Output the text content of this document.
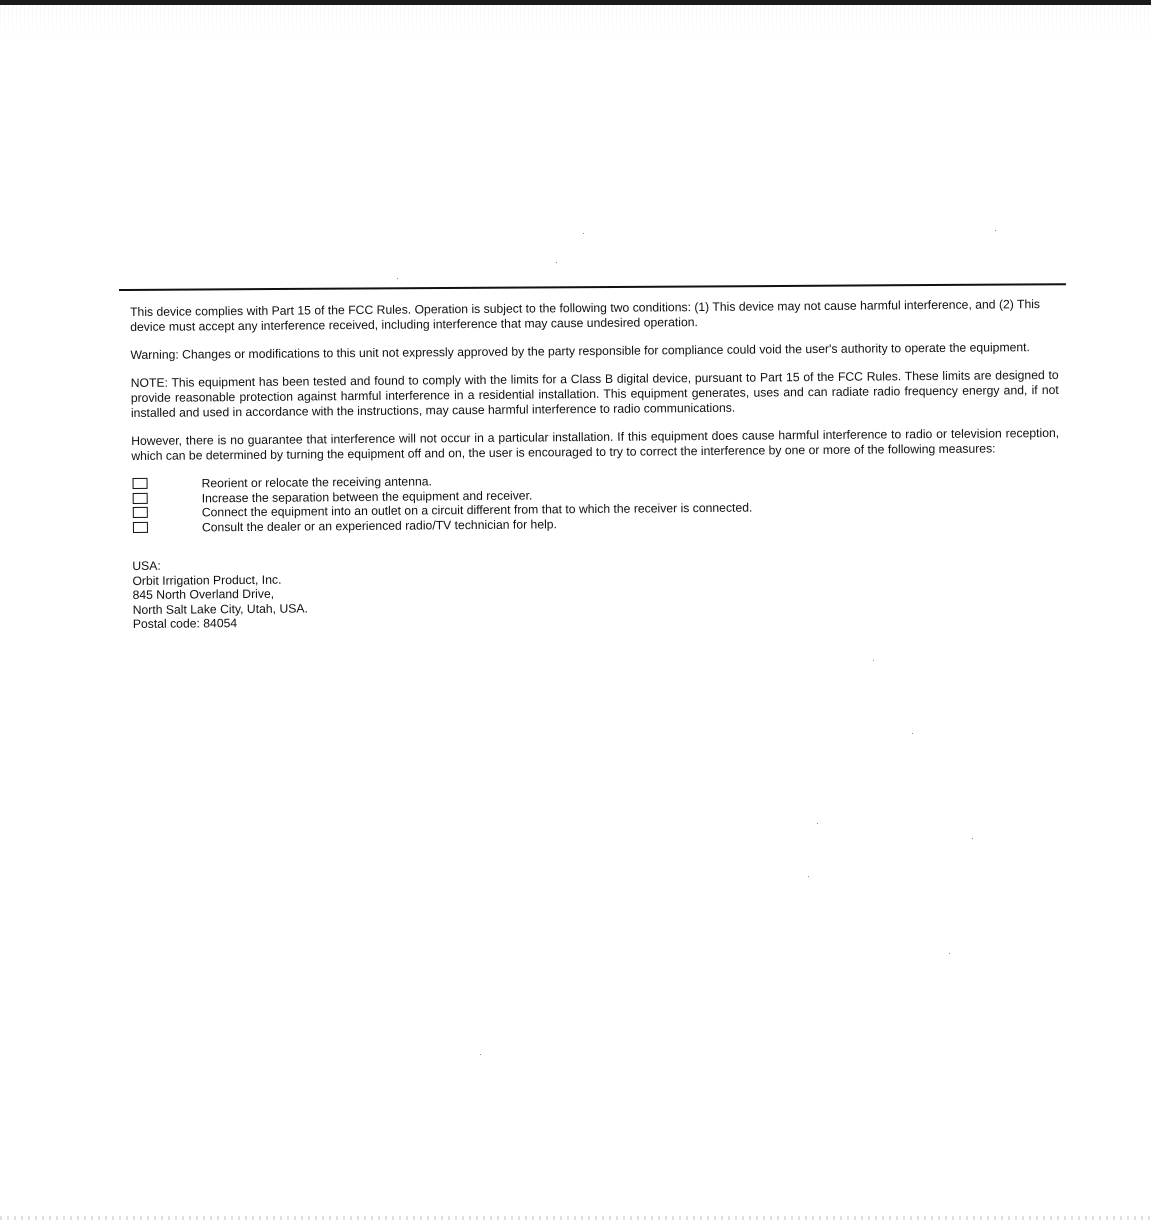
This device complies with Part 15 of the FCC Rules. Operation is subject to the following two conditions: (1) This device may not cause harmful interference, and (2) This device must accept any interference received, including interference that may cause undesired operation.

Warning: Changes or modifications to this unit not expressly approved by the party responsible for compliance could void the user's authority to operate the equipment.

NOTE: This equipment has been tested and found to comply with the limits for a Class B digital device, pursuant to Part 15 of the FCC Rules. These limits are designed to provide reasonable protection against harmful interference in a residential installation. This equipment generates, uses and can radiate radio frequency energy and, if not installed and used in accordance with the instructions, may cause harmful interference to radio communications.

However, there is no guarantee that interference will not occur in a particular installation. If this equipment does cause harmful interference to radio or television reception, which can be determined by turning the equipment off and on, the user is encouraged to try to correct the interference by one or more of the following measures:

Reorient or relocate the receiving antenna.
Increase the separation between the equipment and receiver.
Connect the equipment into an outlet on a circuit different from that to which the receiver is connected.
Consult the dealer or an experienced radio/TV technician for help.
USA:
Orbit Irrigation Product, Inc.
845 North Overland Drive,
North Salt Lake City, Utah, USA.
Postal code: 84054
